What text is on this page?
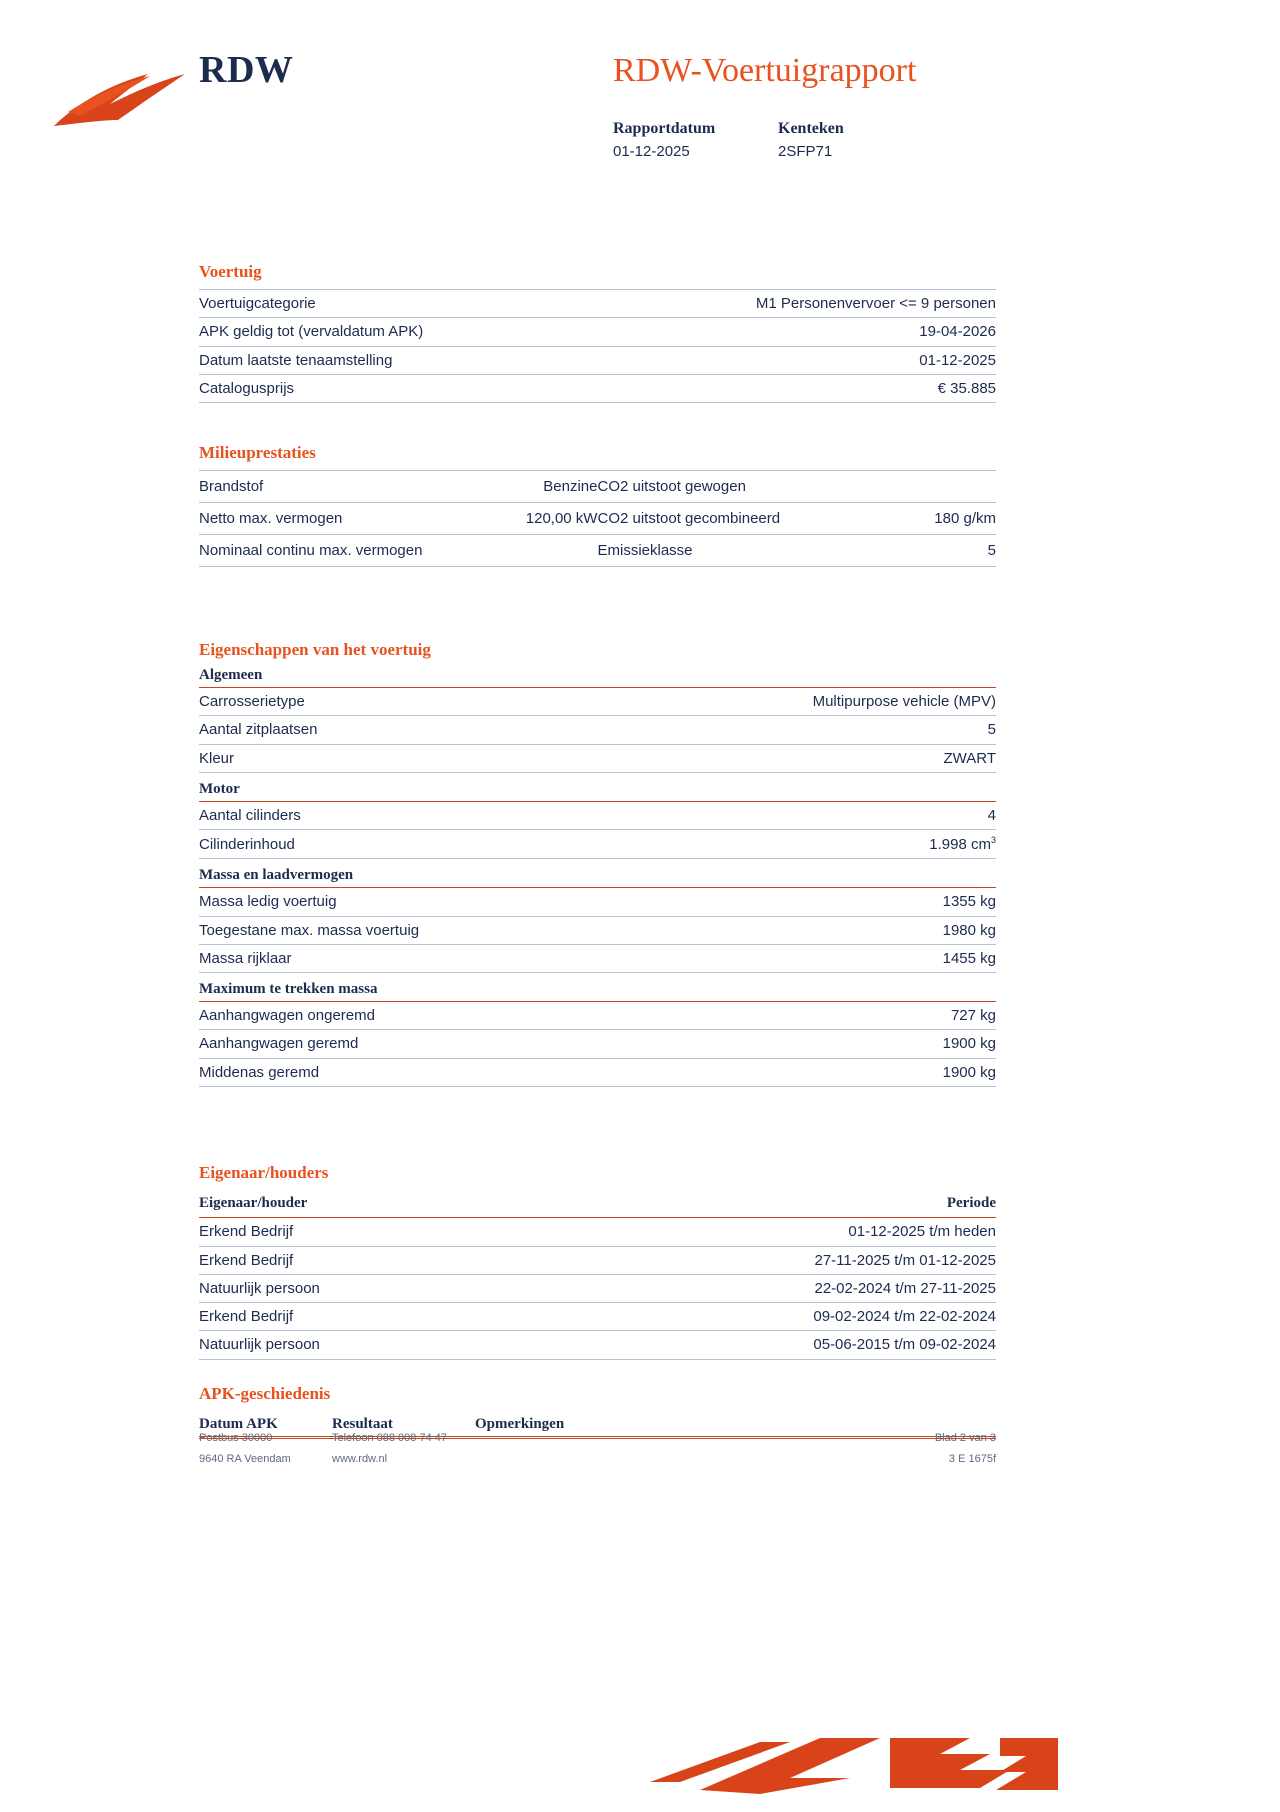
RDW	RDW-Voertuigrapport
Rapportdatum	Kenteken
01-12-2025	2SFP71
Voertuig
Voertuigcategorie	M1 Personenvervoer <= 9 personen
APK geldig tot (vervaldatum APK)	19-04-2026
Datum laatste tenaamstelling	01-12-2025
Catalogusprijs	€ 35.885
Milieuprestaties
Brandstof	Benzine	CO2 uitstoot gewogen	
Netto max. vermogen	120,00 kW	CO2 uitstoot gecombineerd	180 g/km
Nominaal continu max. vermogen		Emissieklasse	5
Eigenschappen van het voertuig
Algemeen
Carrosserietype	Multipurpose vehicle (MPV)
Aantal zitplaatsen	5
Kleur	ZWART
Motor
Aantal cilinders	4
Cilinderinhoud	1.998 $cm^3$
Massa en laadvermogen
Massa ledig voertuig	1355 kg
Toegestane max. massa voertuig	1980 kg
Massa rijklaar	1455 kg
Maximum te trekken massa
Aanhangwagen ongeremd	727 kg
Aanhangwagen geremd	1900 kg
Middenas geremd	1900 kg
Eigenaar/houders
Eigenaar/houder	Periode
Erkend Bedrijf	01-12-2025 t/m heden
Erkend Bedrijf	27-11-2025 t/m 01-12-2025
Natuurlijk persoon	22-02-2024 t/m 27-11-2025
Erkend Bedrijf	09-02-2024 t/m 22-02-2024
Natuurlijk persoon	05-06-2015 t/m 09-02-2024
APK-geschiedenis
Datum APK	Resultaat	Opmerkingen
Postbus 30000	Telefoon 088 008 74 47	Blad 2 van 3
9640 RA Veendam	www.rdw.nl	3 E 1675f
